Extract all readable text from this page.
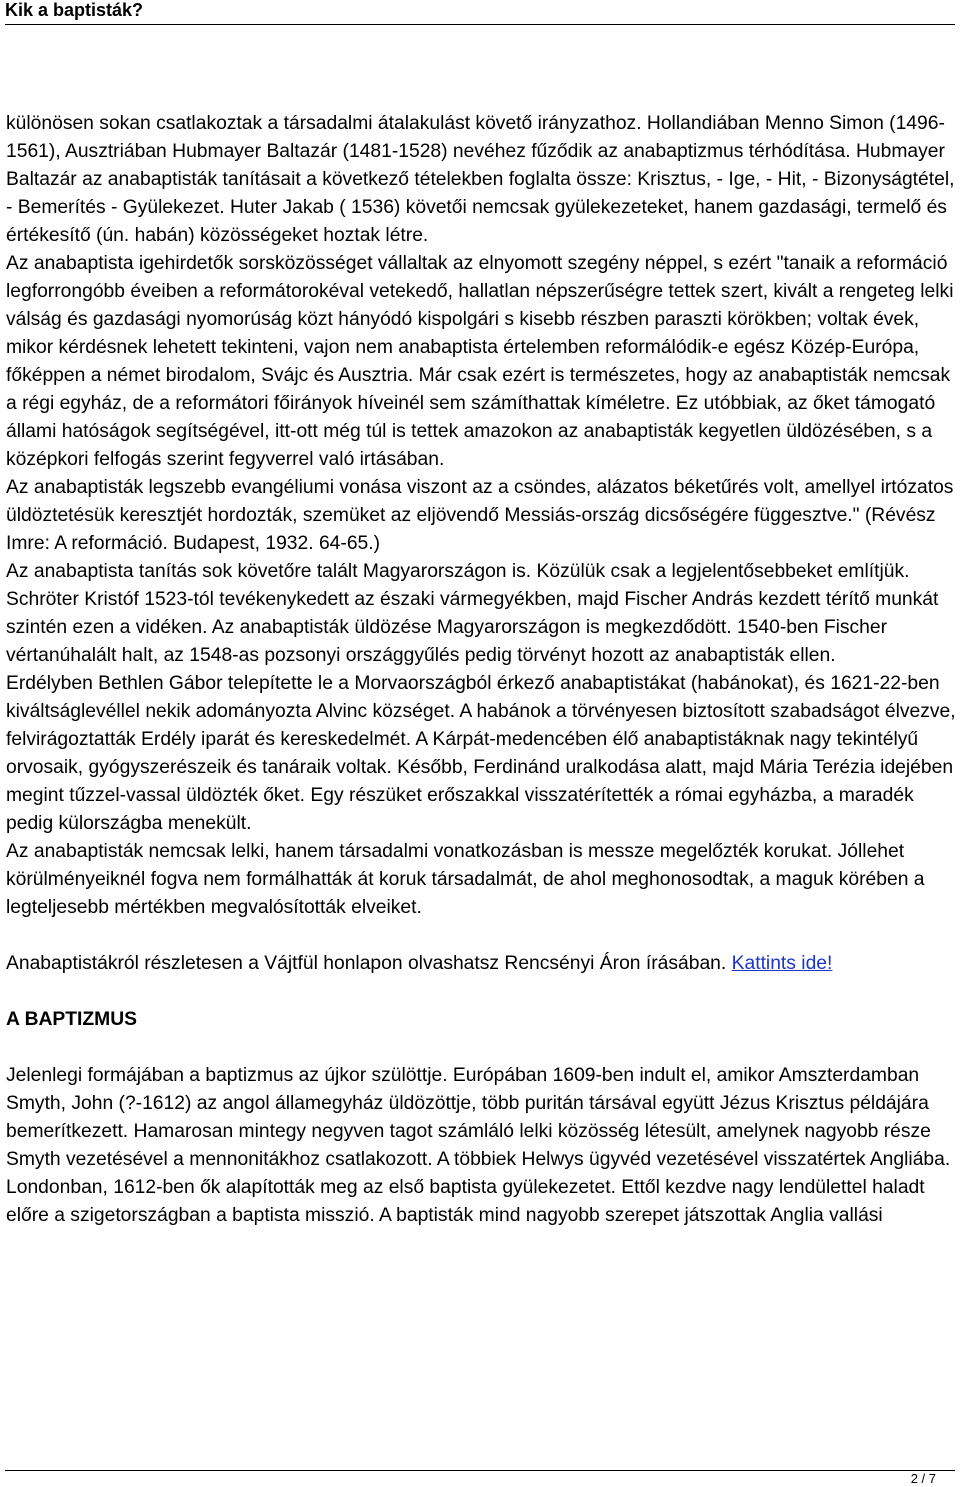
Kik a baptisták?

különösen sokan csatlakoztak a társadalmi átalakulást követő irányzathoz. Hollandiában Menno Simon (1496-1561), Ausztriában Hubmayer Baltazár (1481-1528) nevéhez fűződik az anabaptizmus térhódítása. Hubmayer Baltazár az anabaptisták tanításait a következő tételekben foglalta össze: Krisztus, - Ige, - Hit, - Bizonyságtétel, - Bemerítés - Gyülekezet. Huter Jakab ( 1536) követői nemcsak gyülekezeteket, hanem gazdasági, termelő és értékesítő (ún. habán) közösségeket hoztak létre.

Az anabaptista igehirdetők sorsközösséget vállaltak az elnyomott szegény néppel, s ezért "tanaik a reformáció legforrongóbb éveiben a reformátorokéval vetekedő, hallatlan népszerűségre tettek szert, kivált a rengeteg lelki válság és gazdasági nyomorúság közt hányódó kispolgári s kisebb részben paraszti körökben; voltak évek, mikor kérdésnek lehetett tekinteni, vajon nem anabaptista értelemben reformálódik-e egész Közép-Európa, főképpen a német birodalom, Svájc és Ausztria. Már csak ezért is természetes, hogy az anabaptisták nemcsak a régi egyház, de a reformátori főirányok híveinél sem számíthattak kíméletre. Ez utóbbiak, az őket támogató állami hatóságok segítségével, itt-ott még túl is tettek amazokon az anabaptisták kegyetlen üldözésében, s a középkori felfogás szerint fegyverrel való irtásában.

Az anabaptisták legszebb evangéliumi vonása viszont az a csöndes, alázatos béketűrés volt, amellyel irtózatos üldöztetésük keresztjét hordozták, szemüket az eljövendő Messiás-ország dicsőségére függesztve." (Révész Imre: A reformáció. Budapest, 1932. 64-65.)

Az anabaptista tanítás sok követőre talált Magyarországon is. Közülük csak a legjelentősebbeket említjük. Schröter Kristóf 1523-tól tevékenykedett az északi vármegyékben, majd Fischer András kezdett térítő munkát szintén ezen a vidéken. Az anabaptisták üldözése Magyarországon is megkezdődött. 1540-ben Fischer vértanúhalált halt, az 1548-as pozsonyi országgyűlés pedig törvényt hozott az anabaptisták ellen.

Erdélyben Bethlen Gábor telepítette le a Morvaországból érkező anabaptistákat (habánokat), és 1621-22-ben kiváltságlevéllel nekik adományozta Alvinc községet. A habánok a törvényesen biztosított szabadságot élvezve, felvirágoztatták Erdély iparát és kereskedelmét. A Kárpát-medencében élő anabaptistáknak nagy tekintélyű orvosaik, gyógyszerészeik és tanáraik voltak. Később, Ferdinánd uralkodása alatt, majd Mária Terézia idejében megint tűzzel-vassal üldözték őket. Egy részüket erőszakkal visszatérítették a római egyházba, a maradék pedig külországba menekült.

Az anabaptisták nemcsak lelki, hanem társadalmi vonatkozásban is messze megelőzték korukat. Jóllehet körülményeiknél fogva nem formálhatták át koruk társadalmát, de ahol meghonosodtak, a maguk körében a legteljesebb mértékben megvalósították elveiket.

Anabaptistákról részletesen a Vájtfül honlapon olvashatsz Rencsényi Áron írásában. Kattints ide!

A BAPTIZMUS

Jelenlegi formájában a baptizmus az újkor szülöttje. Európában 1609-ben indult el, amikor Amszterdamban Smyth, John (?-1612) az angol államegyház üldözöttje, több puritán társával együtt Jézus Krisztus példájára bemerítkezett. Hamarosan mintegy negyven tagot számláló lelki közösség létesült, amelynek nagyobb része Smyth vezetésével a mennonitákhoz csatlakozott. A többiek Helwys ügyvéd vezetésével visszatértek Angliába. Londonban, 1612-ben ők alapították meg az első baptista gyülekezetet. Ettől kezdve nagy lendülettel haladt előre a szigetországban a baptista misszió. A baptisták mind nagyobb szerepet játszottak Anglia vallási

2 / 7
